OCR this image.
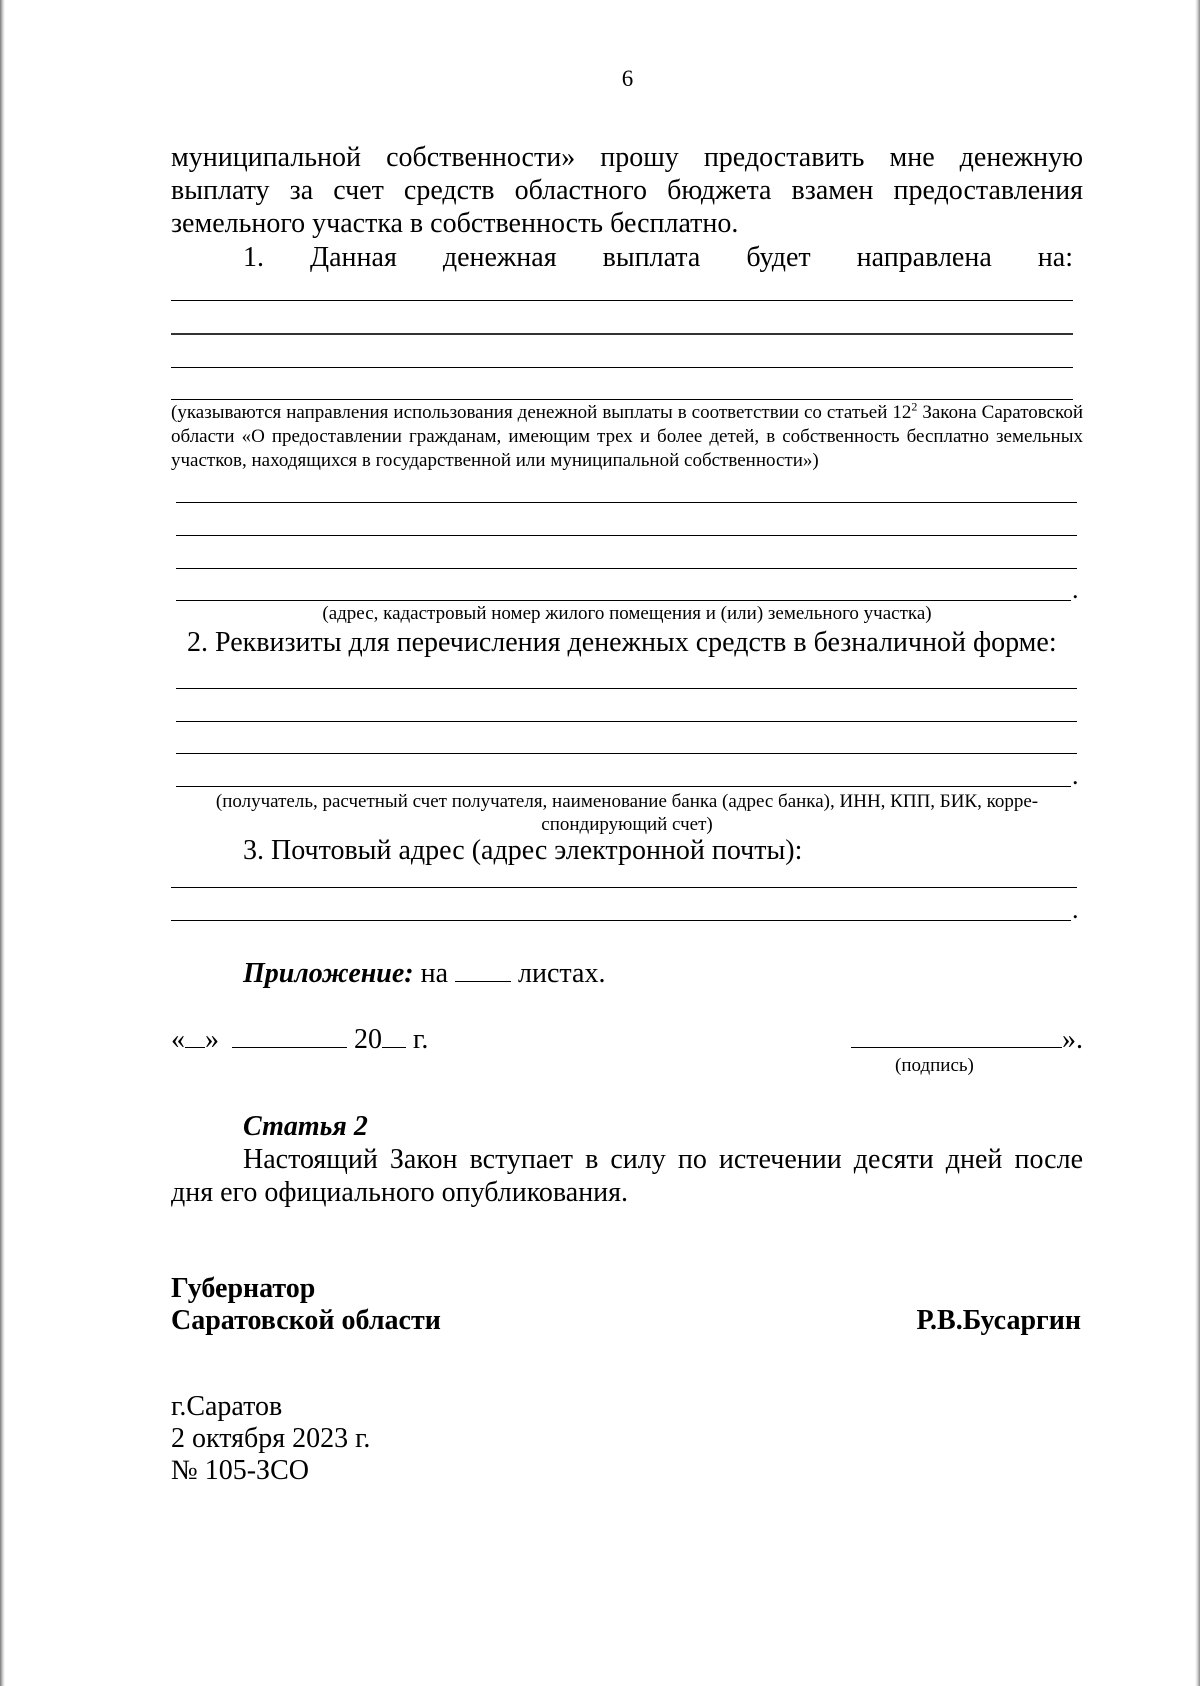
6
муниципальной собственности» прошу предоставить мне денежную выплату за счет средств областного бюджета взамен предоставления земельного участка в собственность бесплатно.
1. Данная денежная выплата будет направлена на:
(указываются направления использования денежной выплаты в соответствии со статьей $12^2$ Закона Саратовской области «О предоставлении гражданам, имеющим трех и более детей, в собственность бесплатно земельных участков, находящихся в государственной или муниципальной собственности»)
.
(адрес, кадастровый номер жилого помещения и (или) земельного участка)
2. Реквизиты для перечисления денежных средств в безналичной форме:
.
(получатель, расчетный счет получателя, наименование банка (адрес банка), ИНН, КПП, БИК, корре-
спондирующий счет)
3. Почтовый адрес (адрес электронной почты):
.
Приложение: на	листах.
« »	20 г.	».
(подпись)
Статья 2
Настоящий Закон вступает в силу по истечении десяти дней после
дня его официального опубликования.
Губернатор
Саратовской области	Р.В.Бусаргин
г.Саратов
2 октября 2023 г.
№ 105-ЗСО
